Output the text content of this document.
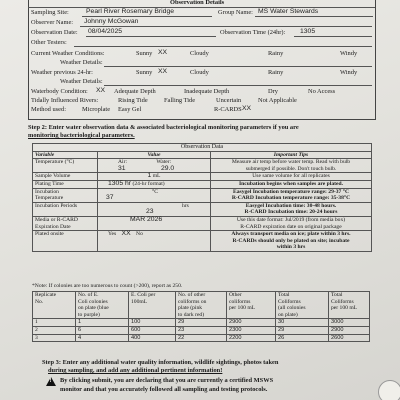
Observation Details
Sampling Site:	Pearl River Rosemary Bridge	Group Name: MS Water Stewards
Observer Name: Johnny McGowan
Observation Date: 08/04/2025	Observation Time (24hr): 1305
Other Testers:
Current Weather Conditions:	Sunny XX	Cloudy	Rainy	Windy
Weather Details:
Weather previous 24-hr:	Sunny XX	Cloudy	Rainy	Windy
Weather Details:
Waterbody Condition: XX Adequate Depth	Inadequate Depth	Dry	No Access
Tidally Influenced Rivers:	Rising Tide	Falling Tide	Uncertain	Not Applicable
Method used:	Microplate Easy Gel	R-CARDS XX
Step 2: Enter water observation data & associated bacteriological monitoring parameters if you are
monitoring bacteriological parameters.
Observation Data		
Variable	Value	Important Tips
Temperature (°C)	Air: Water:
31 29.0	Measure air temp before water temp. Read with bulb
submerged if possible. Don't touch bulb.
Sample Volume	1 mL	Use same volume for all replicates
Plating Time	1305 hr (24-hr format)	Incubation begins when samples are plated.
Incubation
Temperature	°C
37	Easygel Incubation temperature range: 29-37 °C
R-CARD Incubation temperature range: 35-38°C
Incubation Periods	hrs
23	Easygel Incubation time: 30-48 hours.
R-CARD Incubation time: 20-24 hours
Media or R-CARD
Expiration Date	MAR 2026	Use this date format: Jul/2019 (from media box)
R-CARD expiration date on original package
Plated onsite	Yes XX No	Always transport media on ice; plate within 3 hrs.
R-CARDs should only be plated on site; incubate
within 3 hrs
*Note: If colonies are too numerous to count (>200), report as 250.
Replicate
No.	No. of E.
Coli colonies
on plate (blue
to purple)	E. Coli per
100mL	No. of other
coliforms on
plate (pink
to dark red)	Other
coliforms
per 100 mL	Total
Coliforms
(all colonies
on plate)	Total
Coliforms
per 100 mL
1	1	100	29	2900	30	3000
2	6	600	23	2300	29	2900
3	4	400	22	2200	26	2600
Step 3: Enter any additional water quality information, wildlife sightings, photos taken
during sampling, and add any additional pertinent information!
!
By clicking submit, you are declaring that you are currently a certified MSWS
monitor and that you accurately followed all sampling and testing protocols.
